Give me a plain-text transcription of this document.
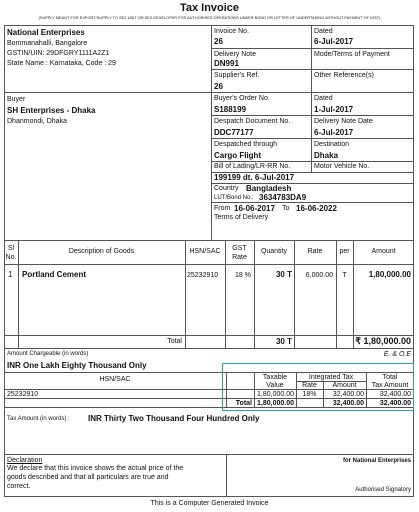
Tax Invoice
(SUPPLY MEANT FOR EXPORT/SUPPLY TO SEZ UNIT OR SEZ DEVELOPER FOR AUTHORISED OPERATIONS UNDER BOND OR LETTER OF UNDERTAKING WITHOUT PAYMENT OF IGST)
National Enterprises
Bommanahalli, Bangalore
GSTIN/UIN: 29DFGRY1111A2Z1
State Name : Karnataka, Code : 29
Invoice No.
26
Dated
6-Jul-2017
Delivery Note
DN991
Mode/Terms of Payment
Supplier's Ref.
26
Other Reference(s)
Buyer's Order No.
S188199
Dated
1-Jul-2017
Despatch Document No.
DDC77177
Delivery Note Date
6-Jul-2017
Despatched through
Cargo Flight
Destination
Dhaka
Bill of Lading/LR-RR No.	Motor Vehicle No.
199199 dt. 6-Jul-2017
Country Bangladesh
LUT/Bond No.: 3634783DA9
From 16-06-2017 To 16-06-2022
Terms of Delivery
Buyer
SH Enterprises - Dhaka
Dhanmondi, Dhaka
Sl
No.
Description of Goods	HSN/SAC	GST
Rate
Quantity	Rate	per	Amount
1 Portland Cement	25232910	18 %	30 T	6,000.00	T	1,80,000.00
Total	30 T	₹ 1,80,000.00
Amount Chargeable (in words)	E. & O.E
INR One Lakh Eighty Thousand Only
HSN/SAC	Taxable
Value
Integrated Tax
Rate	Amount
Total
Tax Amount
25232910	1,80,000.00	18%	32,400.00	32,400.00
Total 1,80,000.00	32,400.00	32,400.00
Tax Amount (in words) : INR Thirty Two Thousand Four Hundred Only
Declaration
We declare that this invoice shows the actual price of the
goods described and that all particulars are true and
correct.
for National Enterprises
Authorised Signatory
This is a Computer Generated Invoice
